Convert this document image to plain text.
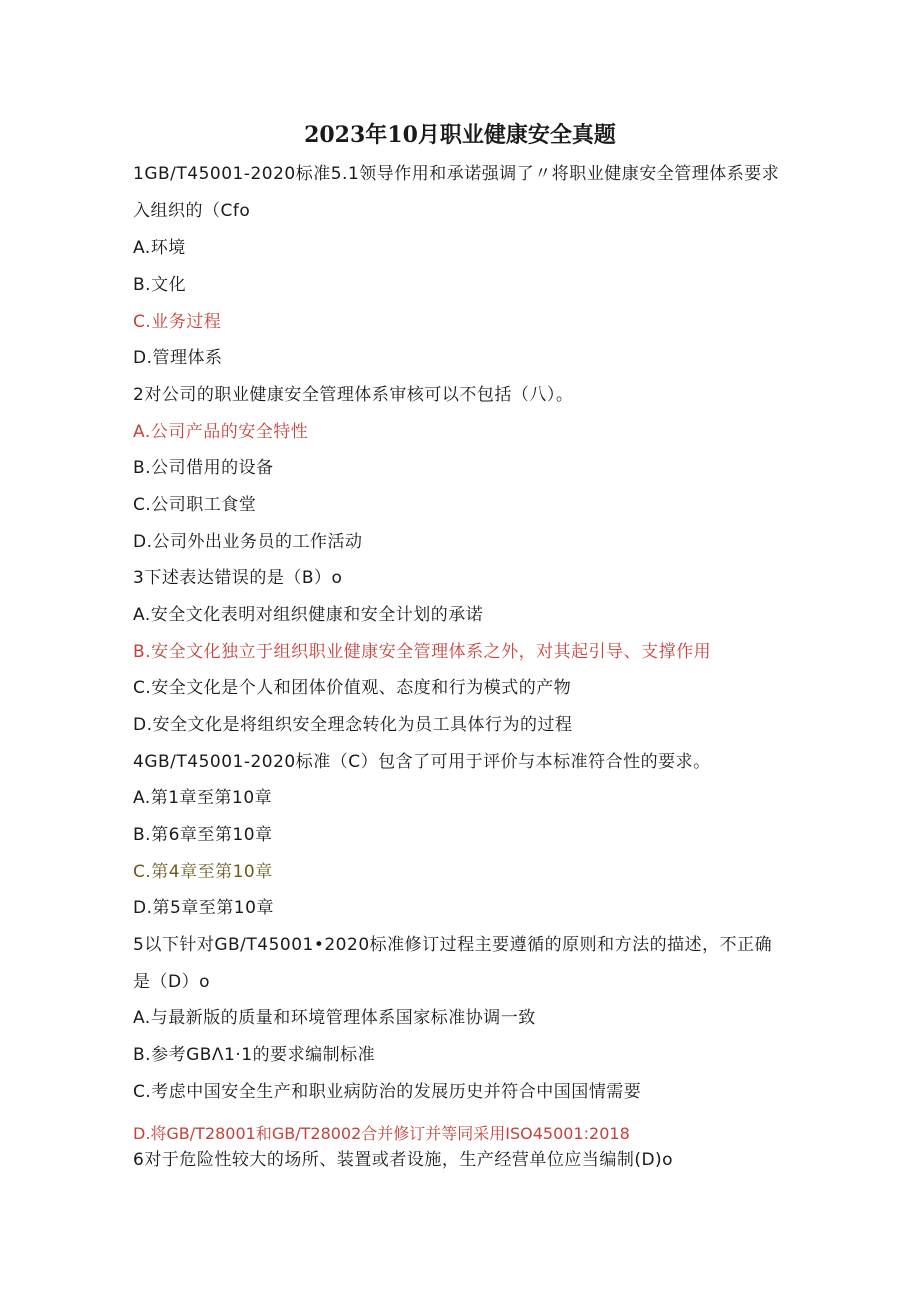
2023年10月职业健康安全真题
1GB/T45001-2020标准5.1领导作用和承诺强调了〃将职业健康安全管理体系要求
入组织的（Cfo
A.环境
B.文化
C.业务过程
D.管理体系
2对公司的职业健康安全管理体系审核可以不包括（八）。
A.公司产品的安全特性
B.公司借用的设备
C.公司职工食堂
D.公司外出业务员的工作活动
3下述表达错误的是（B）o
A.安全文化表明对组织健康和安全计划的承诺
B.安全文化独立于组织职业健康安全管理体系之外，对其起引导、支撑作用
C.安全文化是个人和团体价值观、态度和行为模式的产物
D.安全文化是将组织安全理念转化为员工具体行为的过程
4GB/T45001-2020标准（C）包含了可用于评价与本标准符合性的要求。
A.第1章至第10章
B.第6章至第10章
C.第4章至第10章
D.第5章至第10章
5以下针对GB/T45001•2020标准修订过程主要遵循的原则和方法的描述，不正确
是（D）o
A.与最新版的质量和环境管理体系国家标准协调一致
B.参考GBΛ1·1的要求编制标准
C.考虑中国安全生产和职业病防治的发展历史并符合中国国情需要
D.将GB/T28001和GB/T28002合并修订并等同采用ISO45001:2018
6对于危险性较大的场所、装置或者设施，生产经营单位应当编制(D)o
